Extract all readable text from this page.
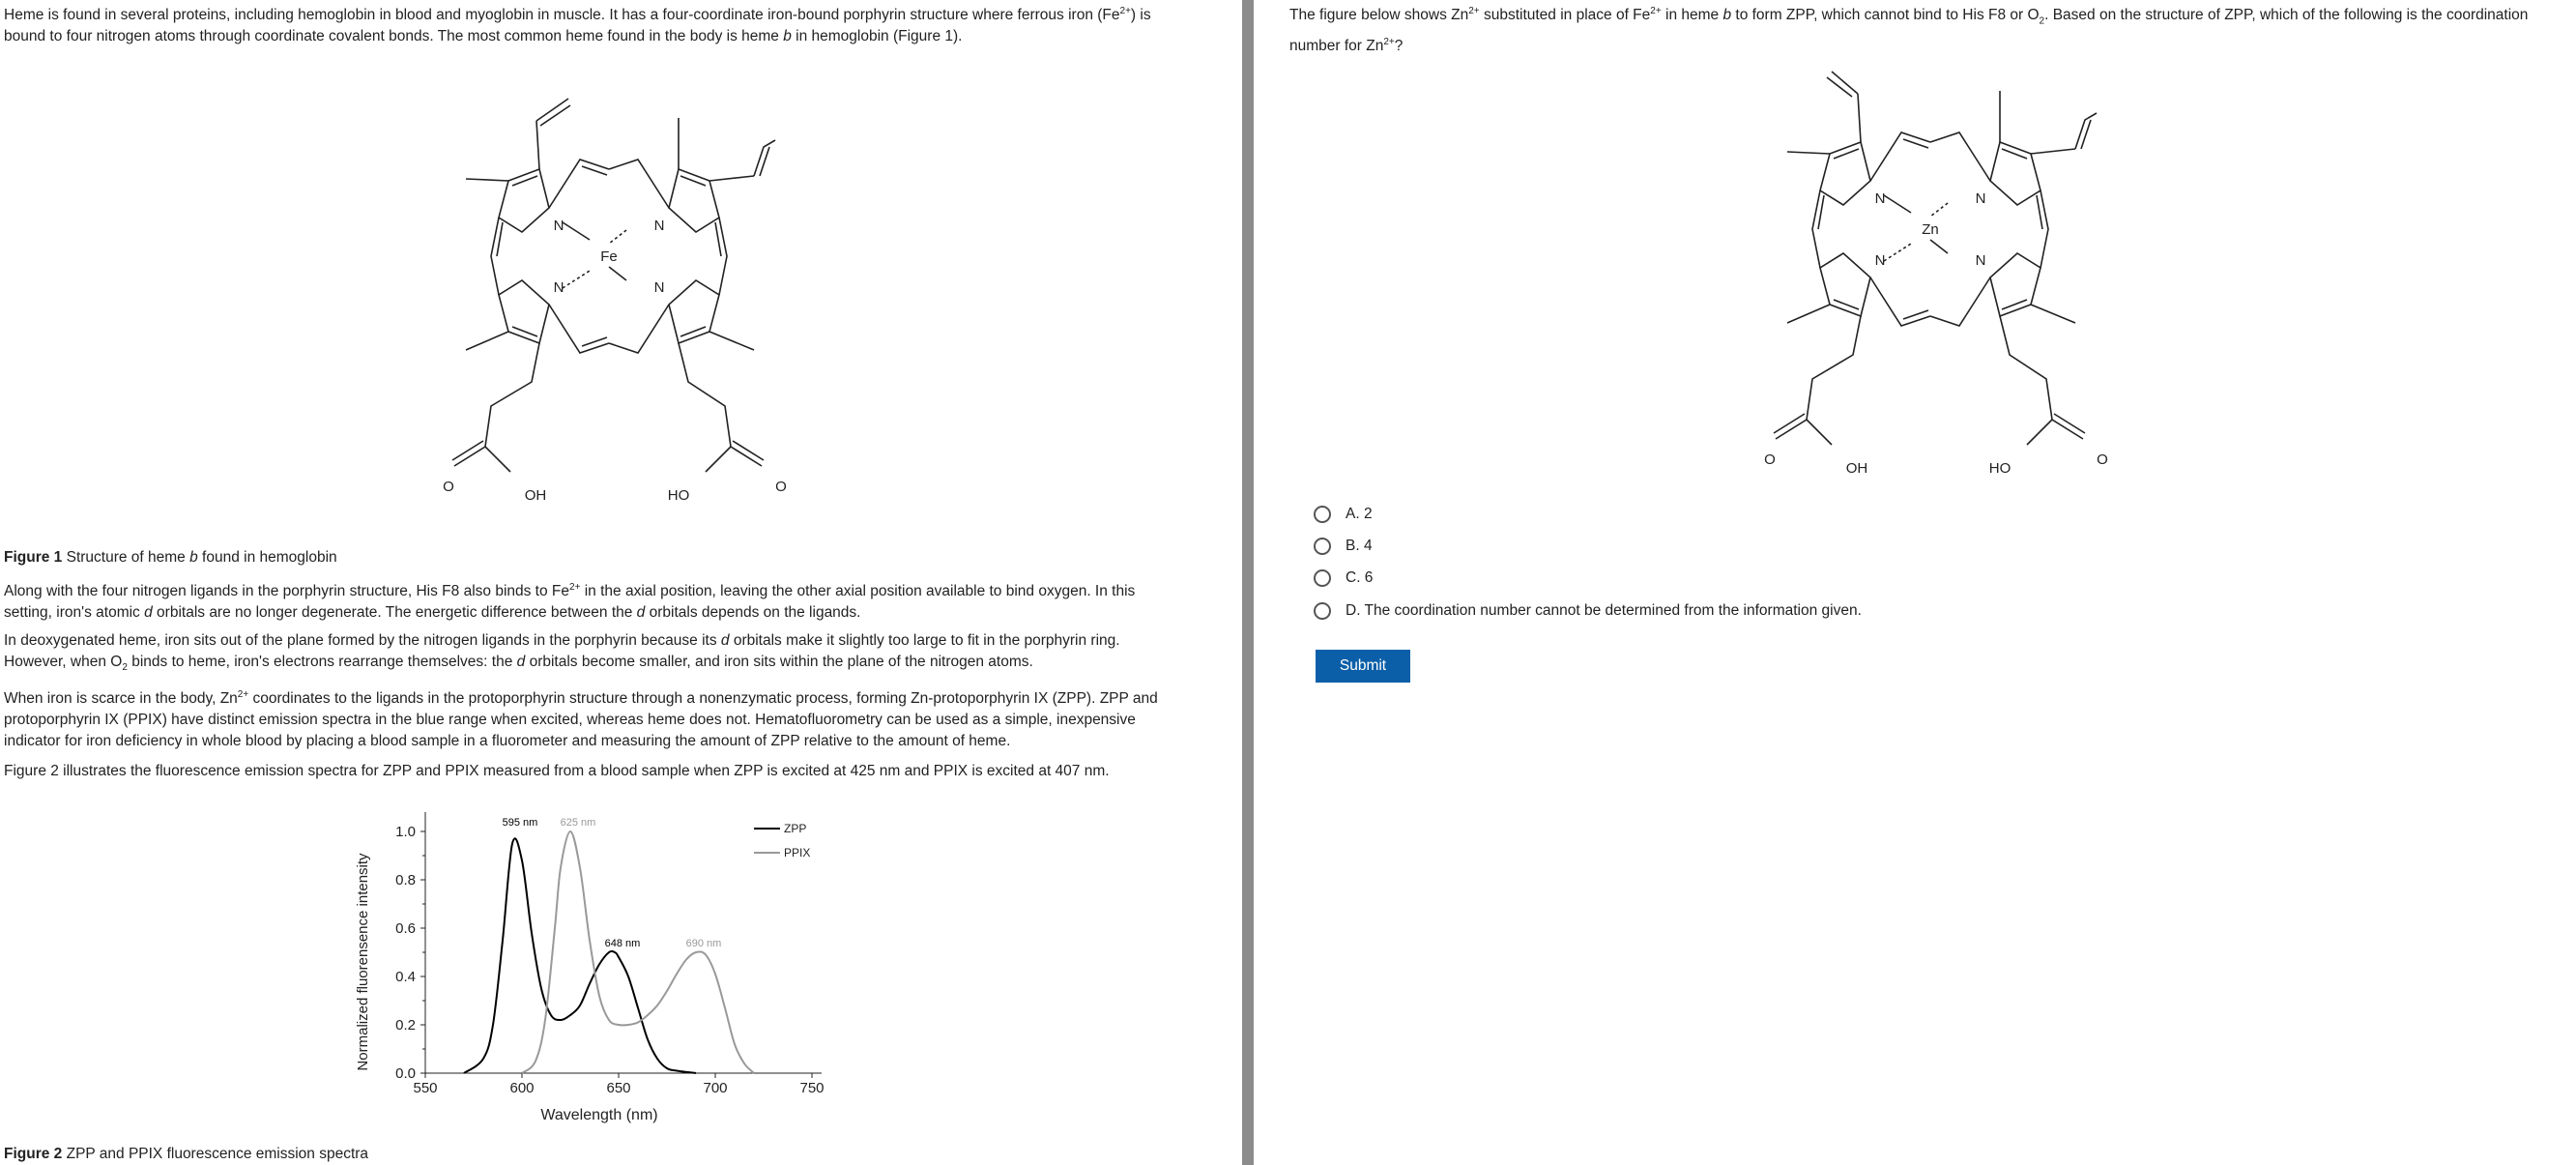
Heme is found in several proteins, including hemoglobin in blood and myoglobin in muscle. It has a four-coordinate iron-bound porphyrin structure where ferrous iron $(Fe^{2+})$ is
bound to four nitrogen atoms through coordinate covalent bonds. The most common heme found in the body is heme b in hemoglobin (Figure 1).

N	N
N	N
Fe
O
OH	HO
O

Figure 1 Structure of heme b found in hemoglobin

Along with the four nitrogen ligands in the porphyrin structure, His F8 also binds to $Fe^{2+}$ in the axial position, leaving the other axial position available to bind oxygen. In this
setting, iron's atomic d orbitals are no longer degenerate. The energetic difference between the d orbitals depends on the ligands.

In deoxygenated heme, iron sits out of the plane formed by the nitrogen ligands in the porphyrin because its d orbitals make it slightly too large to fit in the porphyrin ring.
However, when $O_2$ binds to heme, iron's electrons rearrange themselves: the d orbitals become smaller, and iron sits within the plane of the nitrogen atoms.

When iron is scarce in the body, $Zn^{2+}$ coordinates to the ligands in the protoporphyrin structure through a nonenzymatic process, forming Zn-protoporphyrin IX (ZPP). ZPP and
protoporphyrin IX (PPIX) have distinct emission spectra in the blue range when excited, whereas heme does not. Hematofluorometry can be used as a simple, inexpensive
indicator for iron deficiency in whole blood by placing a blood sample in a fluorometer and measuring the amount of ZPP relative to the amount of heme.

Figure 2 illustrates the fluorescence emission spectra for ZPP and PPIX measured from a blood sample when ZPP is excited at 425 nm and PPIX is excited at 407 nm.

550	600	650	700	750
0.0
0.2
0.4
0.6
0.8
1.0
Wavelength (nm)
Normalized fluorensence intensity
595 nm 625 nm
648 nm	690 nm
ZPP
PPIX

Figure 2 ZPP and PPIX fluorescence emission spectra

The figure below shows $Zn^{2+}$ substituted in place of $Fe^{2+}$ in heme b to form ZPP, which cannot bind to His F8 or $O_2$. Based on the structure of ZPP, which of the following is the coordination
number for $Zn^{2+}$?

N	N
N	N
Zn
O
OH	HO
O
A. 2
B. 4
C. 6
D. The coordination number cannot be determined from the information given.
Submit
